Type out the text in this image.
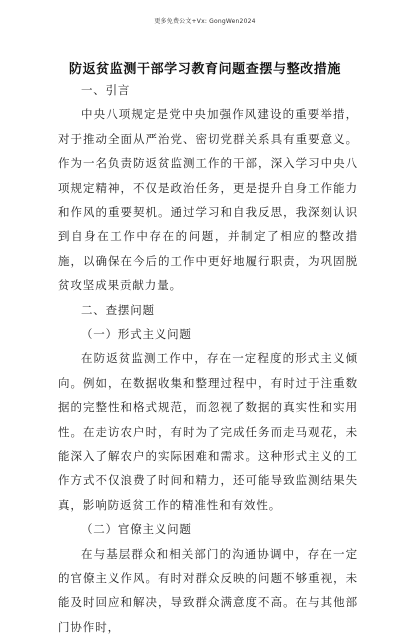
更多免费公文+Vx: GongWen2024
防返贫监测干部学习教育问题查摆与整改措施
一、引言

中央八项规定是党中央加强作风建设的重要举措，对于推动全面从严治党、密切党群关系具有重要意义。作为一名负责防返贫监测工作的干部，深入学习中央八项规定精神，不仅是政治任务，更是提升自身工作能力和作风的重要契机。通过学习和自我反思，我深刻认识到自身在工作中存在的问题，并制定了相应的整改措施，以确保在今后的工作中更好地履行职责，为巩固脱贫攻坚成果贡献力量。

二、查摆问题
（一）形式主义问题

在防返贫监测工作中，存在一定程度的形式主义倾向。例如，在数据收集和整理过程中，有时过于注重数据的完整性和格式规范，而忽视了数据的真实性和实用性。在走访农户时，有时为了完成任务而走马观花，未能深入了解农户的实际困难和需求。这种形式主义的工作方式不仅浪费了时间和精力，还可能导致监测结果失真，影响防返贫工作的精准性和有效性。

（二）官僚主义问题

在与基层群众和相关部门的沟通协调中，存在一定的官僚主义作风。有时对群众反映的问题不够重视，未能及时回应和解决，导致群众满意度不高。在与其他部门协作时，
